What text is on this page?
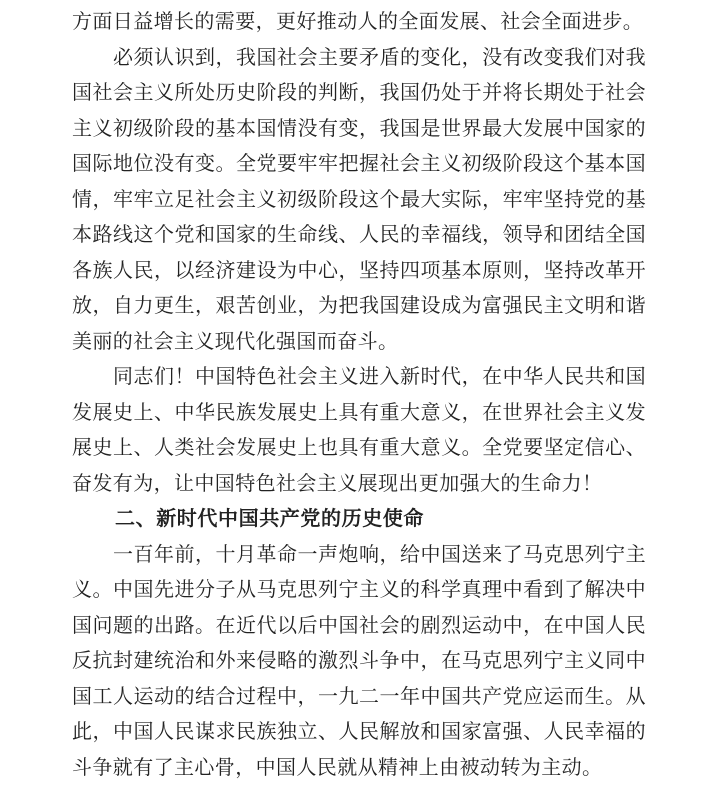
方面日益增长的需要，更好推动人的全面发展、社会全面进步。
必须认识到，我国社会主要矛盾的变化，没有改变我们对我
国社会主义所处历史阶段的判断，我国仍处于并将长期处于社会
主义初级阶段的基本国情没有变，我国是世界最大发展中国家的
国际地位没有变。全党要牢牢把握社会主义初级阶段这个基本国
情，牢牢立足社会主义初级阶段这个最大实际，牢牢坚持党的基
本路线这个党和国家的生命线、人民的幸福线，领导和团结全国
各族人民，以经济建设为中心，坚持四项基本原则，坚持改革开
放，自力更生，艰苦创业，为把我国建设成为富强民主文明和谐
美丽的社会主义现代化强国而奋斗。
同志们！中国特色社会主义进入新时代，在中华人民共和国
发展史上、中华民族发展史上具有重大意义，在世界社会主义发
展史上、人类社会发展史上也具有重大意义。全党要坚定信心、
奋发有为，让中国特色社会主义展现出更加强大的生命力！
二、新时代中国共产党的历史使命
一百年前，十月革命一声炮响，给中国送来了马克思列宁主
义。中国先进分子从马克思列宁主义的科学真理中看到了解决中
国问题的出路。在近代以后中国社会的剧烈运动中，在中国人民
反抗封建统治和外来侵略的激烈斗争中，在马克思列宁主义同中
国工人运动的结合过程中，一九二一年中国共产党应运而生。从
此，中国人民谋求民族独立、人民解放和国家富强、人民幸福的
斗争就有了主心骨，中国人民就从精神上由被动转为主动。
